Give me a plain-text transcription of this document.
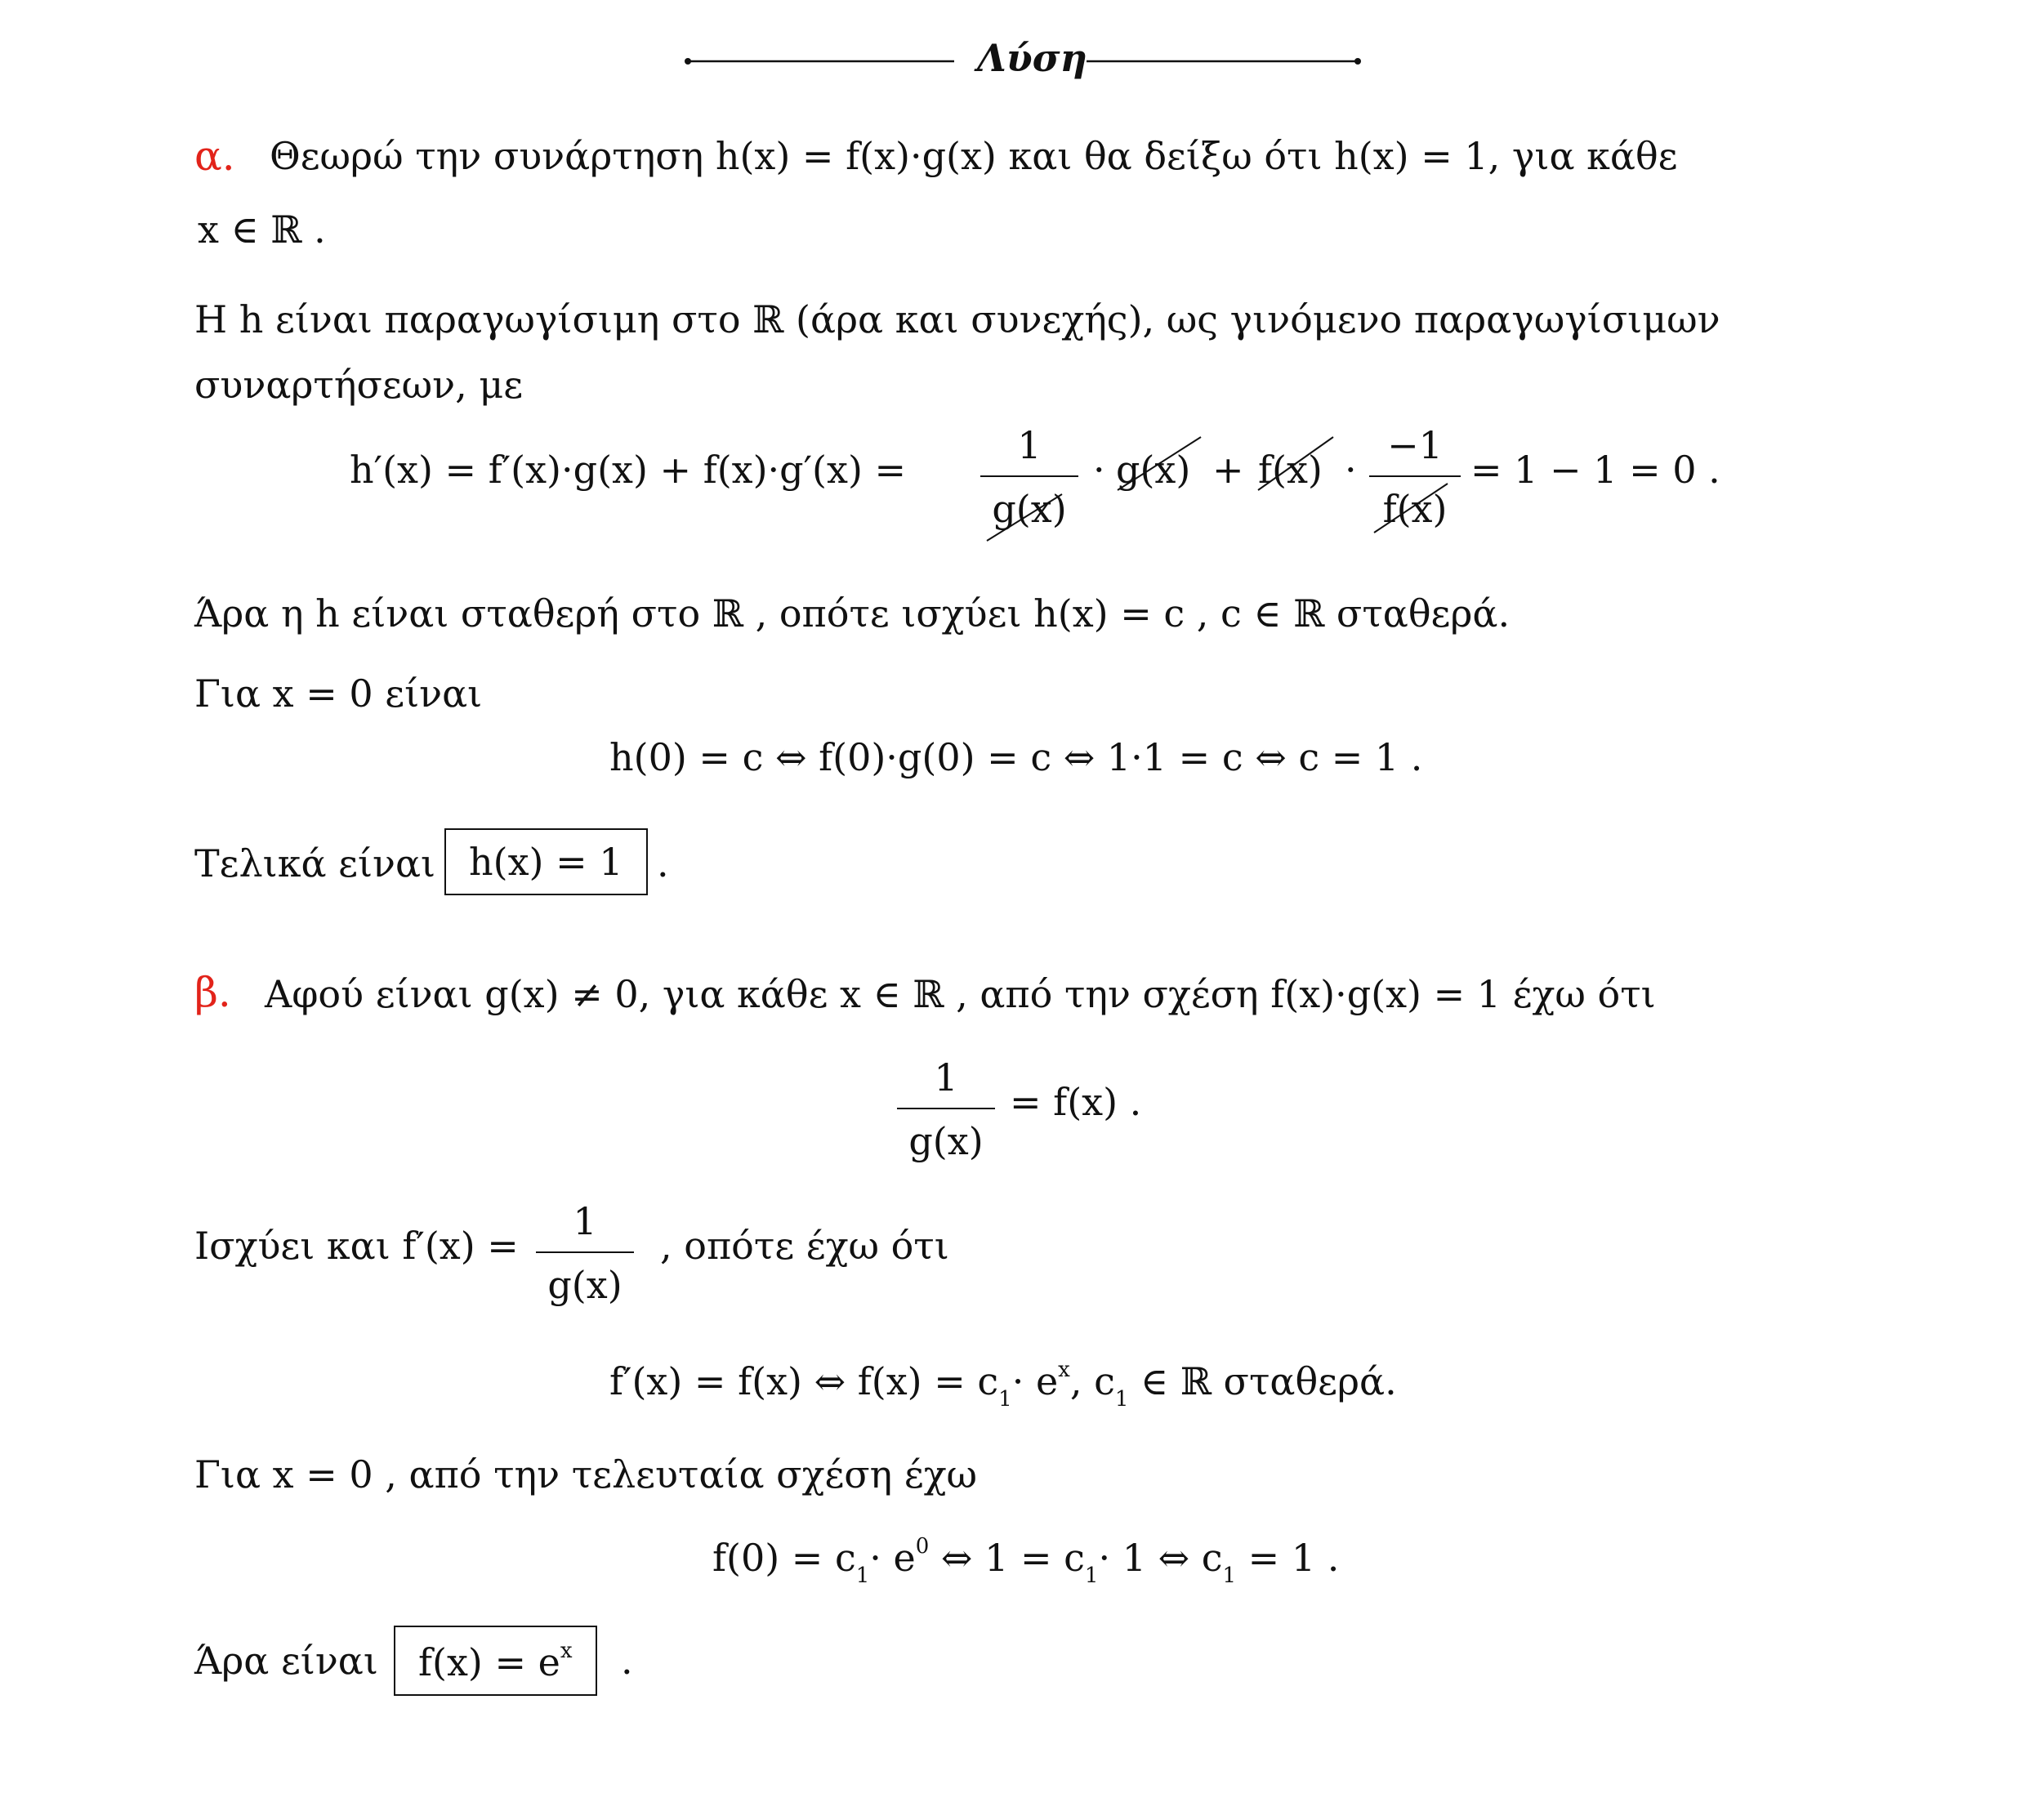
Λύση
α. Θεωρώ την συνάρτηση h(x) = f(x)·g(x) και θα δείξω ότι h(x) = 1, για κάθε
x ∈ ℝ .
Η h είναι παραγωγίσιμη στο ℝ (άρα και συνεχής), ως γινόμενο παραγωγίσιμων
συναρτήσεων, με
h′(x) = f′(x)·g(x) + f(x)·g′(x) =
1
g(x)
· g(x) + f(x) ·
−1
f(x)
= 1 − 1 = 0 .
Άρα η h είναι σταθερή στο ℝ , οπότε ισχύει h(x) = c , c ∈ ℝ σταθερά.
Για x = 0 είναι
h(0) = c ⇔ f(0)·g(0) = c ⇔ 1·1 = c ⇔ c = 1 .
Τελικά είναι h(x) = 1 .
β. Αφού είναι g(x) ≠ 0, για κάθε x ∈ ℝ , από την σχέση f(x)·g(x) = 1 έχω ότι
1
g(x)
= f(x) .
Ισχύει και f′(x) =
1
g(x)
, οπότε έχω ότι
f′(x) = f(x) ⇔ $f(x) = c_1\cdot e^x$, $c_1$ ∈ ℝ σταθερά.
Για x = 0 , από την τελευταία σχέση έχω
$f(0) = c_1\cdot e^0$ ⇔ $1 = c_1\cdot 1$ ⇔ $c_1 = 1$ .
Άρα είναι	$f(x) = e^x$	.
